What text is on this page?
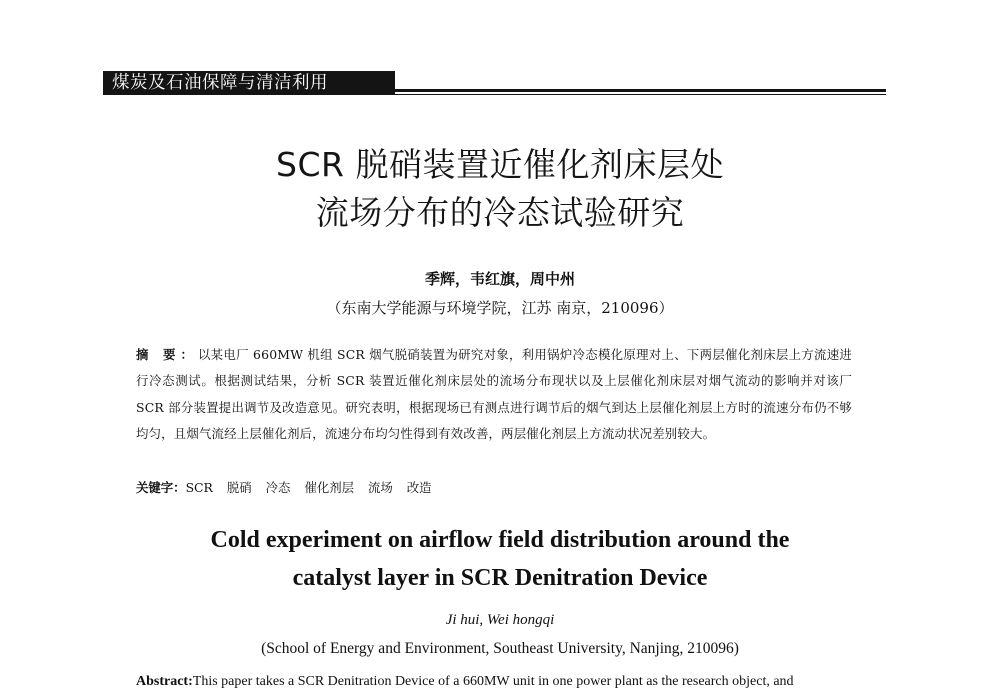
煤炭及石油保障与清洁利用
SCR 脱硝装置近催化剂床层处
流场分布的冷态试验研究
季辉，韦红旗，周中州
（东南大学能源与环境学院，江苏 南京，210096）
摘 要：以某电厂 660MW 机组 SCR 烟气脱硝装置为研究对象，利用锅炉冷态模化原理对上、下两层催化剂床层上方流速进行冷态测试。根据测试结果，分析 SCR 装置近催化剂床层处的流场分布现状以及上层催化剂床层对烟气流动的影响并对该厂 SCR 部分装置提出调节及改造意见。研究表明，根据现场已有测点进行调节后的烟气到达上层催化剂层上方时的流速分布仍不够均匀，且烟气流经上层催化剂后，流速分布均匀性得到有效改善，两层催化剂层上方流动状况差别较大。
关键字：SCR 脱硝 冷态 催化剂层 流场 改造
Cold experiment on airflow field distribution around the
catalyst layer in SCR Denitration Device
Ji hui, Wei hongqi
(School of Energy and Environment, Southeast University, Nanjing, 210096)
Abstract:This paper takes a SCR Denitration Device of a 660MW unit in one power plant as the research object, and
